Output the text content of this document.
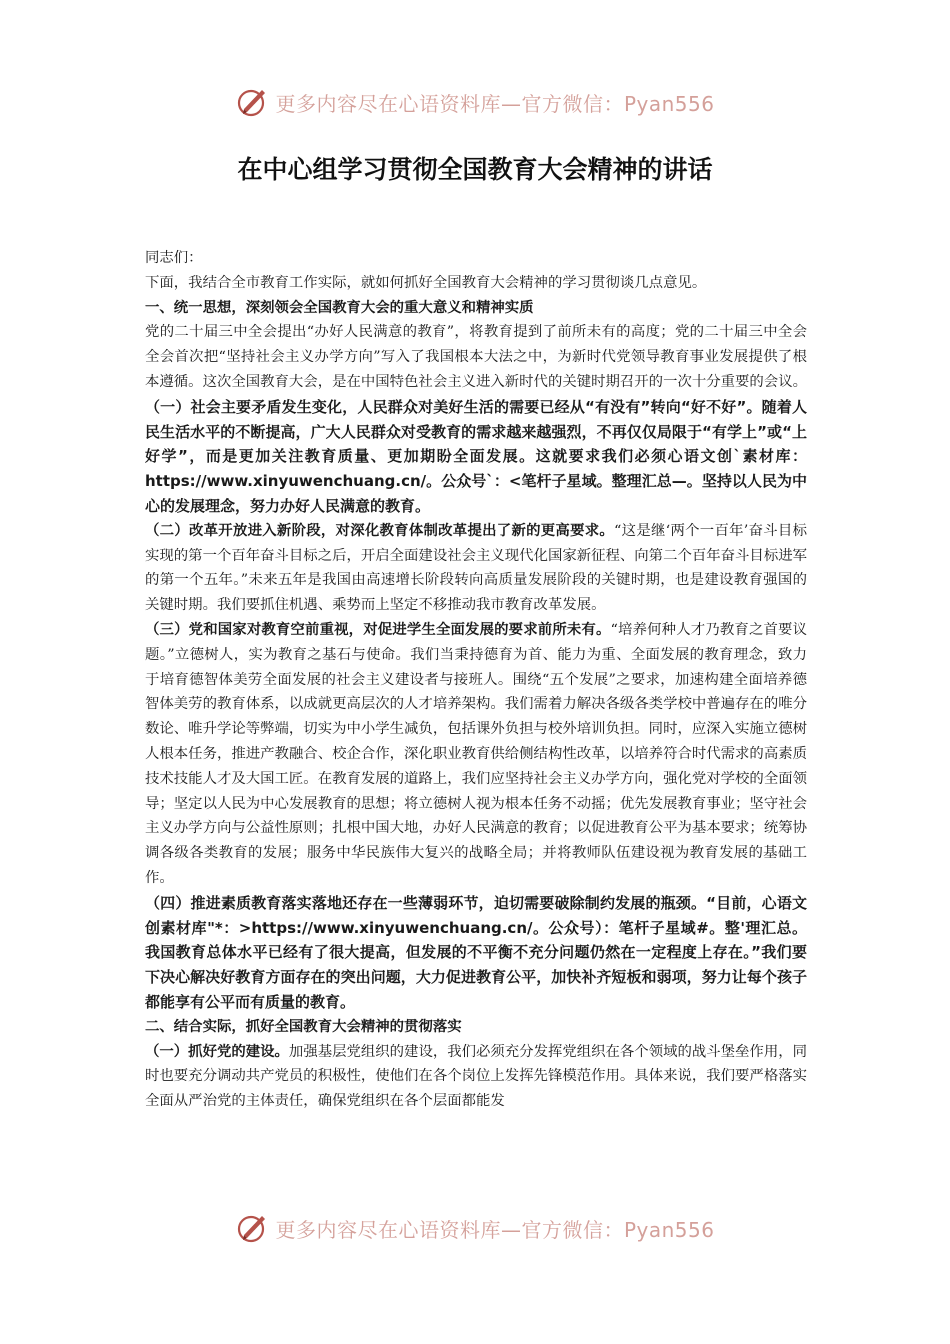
更多内容尽在心语资料库—官方微信：Pyan556
在中心组学习贯彻全国教育大会精神的讲话

同志们：

下面，我结合全市教育工作实际，就如何抓好全国教育大会精神的学习贯彻谈几点意见。

一、统一思想，深刻领会全国教育大会的重大意义和精神实质

党的二十届三中全会提出“办好人民满意的教育”，将教育提到了前所未有的高度；党的二十届三中全会全会首次把“坚持社会主义办学方向”写入了我国根本大法之中，为新时代党领导教育事业发展提供了根本遵循。这次全国教育大会，是在中国特色社会主义进入新时代的关键时期召开的一次十分重要的会议。

（一）社会主要矛盾发生变化，人民群众对美好生活的需要已经从“有没有”转向“好不好”。随着人民生活水平的不断提高，广大人民群众对受教育的需求越来越强烈，不再仅仅局限于“有学上”或“上好学”，而是更加关注教育质量、更加期盼全面发展。这就要求我们必须心语文创`素材库：https://www.xinyuwenchuang.cn/。公众号`：<笔杆子星域。整理汇总—。坚持以人民为中心的发展理念，努力办好人民满意的教育。

（二）改革开放进入新阶段，对深化教育体制改革提出了新的更高要求。“这是继‘两个一百年’奋斗目标实现的第一个百年奋斗目标之后，开启全面建设社会主义现代化国家新征程、向第二个百年奋斗目标进军的第一个五年。”未来五年是我国由高速增长阶段转向高质量发展阶段的关键时期，也是建设教育强国的关键时期。我们要抓住机遇、乘势而上坚定不移推动我市教育改革发展。

（三）党和国家对教育空前重视，对促进学生全面发展的要求前所未有。“培养何种人才乃教育之首要议题。”立德树人，实为教育之基石与使命。我们当秉持德育为首、能力为重、全面发展的教育理念，致力于培育德智体美劳全面发展的社会主义建设者与接班人。围绕“五个发展”之要求，加速构建全面培养德智体美劳的教育体系，以成就更高层次的人才培养架构。我们需着力解决各级各类学校中普遍存在的唯分数论、唯升学论等弊端，切实为中小学生减负，包括课外负担与校外培训负担。同时，应深入实施立德树人根本任务，推进产教融合、校企合作，深化职业教育供给侧结构性改革，以培养符合时代需求的高素质技术技能人才及大国工匠。在教育发展的道路上，我们应坚持社会主义办学方向，强化党对学校的全面领导；坚定以人民为中心发展教育的思想；将立德树人视为根本任务不动摇；优先发展教育事业；坚守社会主义办学方向与公益性原则；扎根中国大地，办好人民满意的教育；以促进教育公平为基本要求；统筹协调各级各类教育的发展；服务中华民族伟大复兴的战略全局；并将教师队伍建设视为教育发展的基础工作。

（四）推进素质教育落实落地还存在一些薄弱环节，迫切需要破除制约发展的瓶颈。“目前，心语文创素材库"*：>https://www.xinyuwenchuang.cn/。公众号）：笔杆子星域#。整'理汇总。我国教育总体水平已经有了很大提高，但发展的不平衡不充分问题仍然在一定程度上存在。”我们要下决心解决好教育方面存在的突出问题，大力促进教育公平，加快补齐短板和弱项，努力让每个孩子都能享有公平而有质量的教育。

二、结合实际，抓好全国教育大会精神的贯彻落实

（一）抓好党的建设。加强基层党组织的建设，我们必须充分发挥党组织在各个领域的战斗堡垒作用，同时也要充分调动共产党员的积极性，使他们在各个岗位上发挥先锋模范作用。具体来说，我们要严格落实全面从严治党的主体责任，确保党组织在各个层面都能发

更多内容尽在心语资料库—官方微信：Pyan556
